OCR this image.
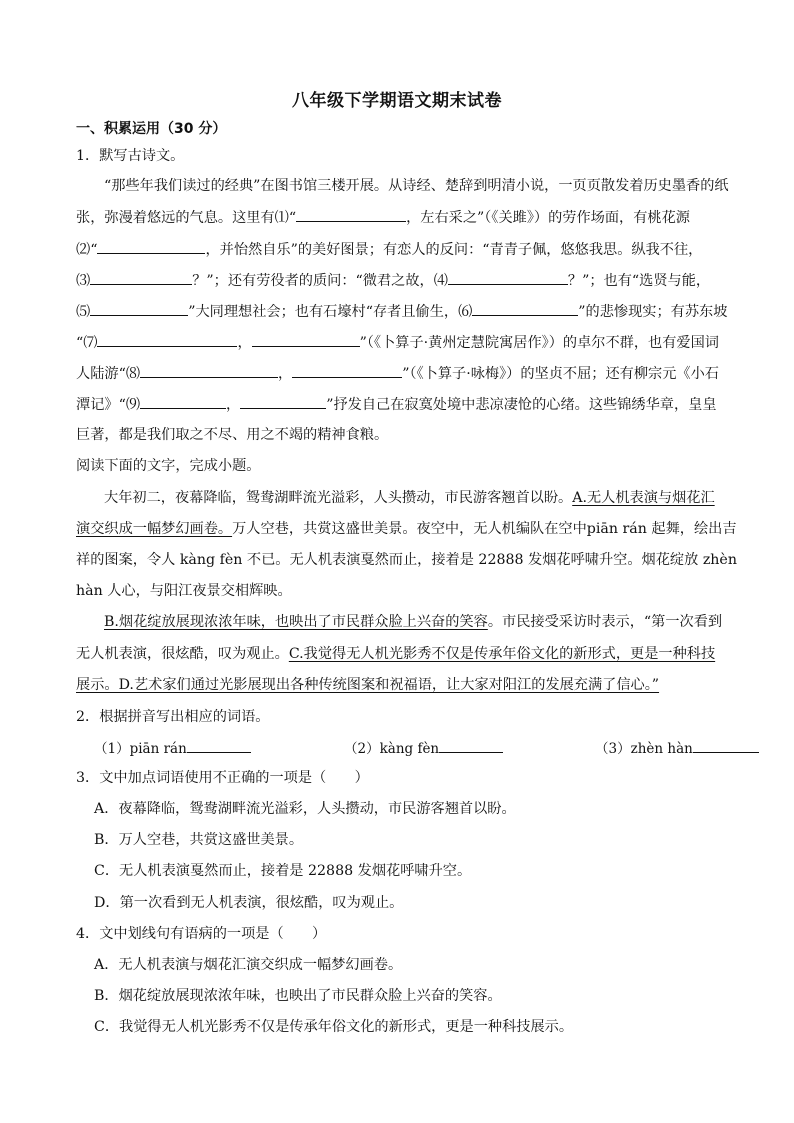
八年级下学期语文期末试卷
一、积累运用（30 分）
1．默写古诗文。
“那些年我们读过的经典”在图书馆三楼开展。从诗经、楚辞到明清小说，一页页散发着历史墨香的纸
张，弥漫着悠远的气息。这里有⑴“	，左右采之”（《关雎》）的劳作场面，有桃花源
⑵“	，并怡然自乐”的美好图景；有恋人的反问：“青青子佩，悠悠我思。纵我不往，
⑶	？”；还有劳役者的质问：“微君之故，⑷	？”；也有“选贤与能，
⑸	”大同理想社会；也有石壕村“存者且偷生，⑹	”的悲惨现实；有苏东坡
“⑺	，	”（《卜算子·黄州定慧院寓居作》）的卓尔不群，也有爱国词
人陆游“⑻	，	”（《卜算子·咏梅》）的坚贞不屈；还有柳宗元《小石
潭记》“⑼	，	”抒发自己在寂寞处境中悲凉凄怆的心绪。这些锦绣华章，皇皇
巨著，都是我们取之不尽、用之不竭的精神食粮。
阅读下面的文字，完成小题。
大年初二，夜幕降临，鸳鸯湖畔流光溢彩，人头攒动，市民游客翘首以盼。A.无人机表演与烟花汇
演交织成一幅梦幻画卷。万人空巷，共赏这盛世美景。夜空中，无人机编队在空中piān rán 起舞，绘出吉
祥的图案，令人 kàng fèn 不已。无人机表演戛然而止，接着是 22888 发烟花呼啸升空。烟花绽放 zhèn
hàn 人心，与阳江夜景交相辉映。
B.烟花绽放展现浓浓年味，也映出了市民群众脸上兴奋的笑容。市民接受采访时表示，“第一次看到
无人机表演，很炫酷，叹为观止。C.我觉得无人机光影秀不仅是传承年俗文化的新形式，更是一种科技
展示。D.艺术家们通过光影展现出各种传统图案和祝福语，让大家对阳江的发展充满了信心。”
2．根据拼音写出相应的词语。
（1）piān rán	（2）kàng fèn	（3）zhèn hàn
3．文中加点词语使用不正确的一项是（　　）
A．夜幕降临，鸳鸯湖畔流光溢彩，人头攒动，市民游客翘首以盼。
B．万人空巷，共赏这盛世美景。
C．无人机表演戛然而止，接着是 22888 发烟花呼啸升空。
D．第一次看到无人机表演，很炫酷，叹为观止。
4．文中划线句有语病的一项是（　　）
A．无人机表演与烟花汇演交织成一幅梦幻画卷。
B．烟花绽放展现浓浓年味，也映出了市民群众脸上兴奋的笑容。
C．我觉得无人机光影秀不仅是传承年俗文化的新形式，更是一种科技展示。
